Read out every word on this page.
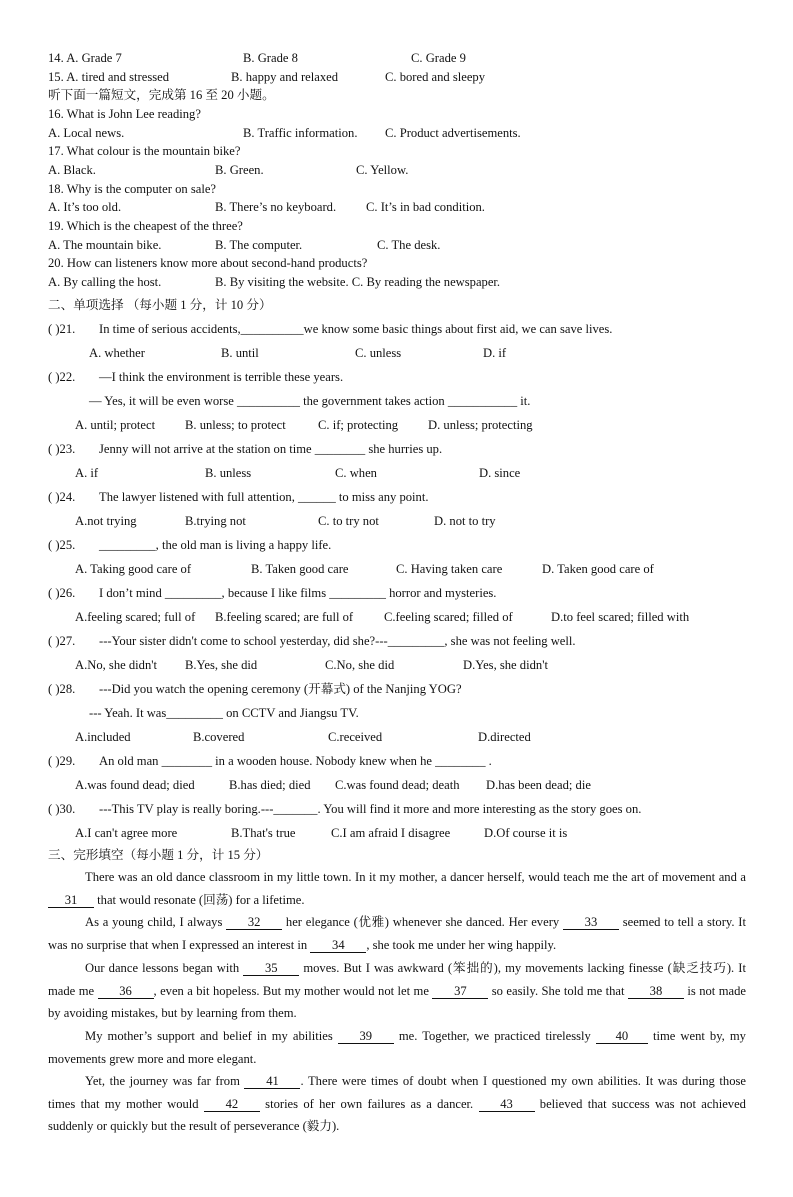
14. A. Grade 7	B. Grade 8	C. Grade 9
15. A. tired and stressed	B. happy and relaxed	C. bored and sleepy
听下面一篇短文，完成第 16 至 20 小题。
16. What is John Lee reading?
A. Local news.	B. Traffic information. C. Product advertisements.
17. What colour is the mountain bike?
A. Black.	B. Green.	C. Yellow.
18. Why is the computer on sale?
A. It’s too old.	B. There’s no keyboard. C. It’s in bad condition.
19. Which is the cheapest of the three?
A. The mountain bike.	B. The computer.	C. The desk.
20. How can listeners know more about second-hand products?
A. By calling the host.	B. By visiting the website. C. By reading the newspaper.
二、单项选择 （每小题 1 分，计 10 分）
( )21. In time of serious accidents,__________we know some basic things about first aid, we can save lives.
A. whether	B. until	C. unless	D. if
( )22. —I think the environment is terrible these years.
— Yes, it will be even worse __________ the government takes action ___________ it.
A. until; protect B. unless; to protect	C. if; protecting D. unless; protecting
( )23. Jenny will not arrive at the station on time ________ she hurries up.
A. if	B. unless	C. when	D. since
( )24. The lawyer listened with full attention, ______ to miss any point.
A.not trying	B.trying not	C. to try not	D. not to try
( )25. _________, the old man is living a happy life.
A. Taking good care of	B. Taken good care	C. Having taken care	D. Taken good care of
( )26. I don’t mind _________, because I like films _________ horror and mysteries.
A.feeling scared; full of B.feeling scared; are full of C.feeling scared; filled of	D.to feel scared; filled with
( )27. ---Your sister didn't come to school yesterday, did she?---_________, she was not feeling well.
A.No, she didn't B.Yes, she did	C.No, she did	D.Yes, she didn't
( )28. ---Did you watch the opening ceremony (开幕式) of the Nanjing YOG?
--- Yeah. It was_________ on CCTV and Jiangsu TV.
A.included	B.covered	C.received	D.directed
( )29. An old man ________ in a wooden house. Nobody knew when he ________ .
A.was found dead; died	B.has died; died C.was found dead; death D.has been dead; die
( )30. ---This TV play is really boring.---_______. You will find it more and more interesting as the story goes on.
A.I can't agree more	B.That's true	C.I am afraid I disagree	D.Of course it is
三、完形填空（每小题 1 分，计 15 分）
There was an old dance classroom in my little town. In it my mother, a dancer herself, would teach me the art of movement and a 31 that would resonate (回荡) for a lifetime.
As a young child, I always 32 her elegance (优雅) whenever she danced. Her every 33 seemed to tell a story. It was no surprise that when I expressed an interest in 34 , she took me under her wing happily.
Our dance lessons began with 35 moves. But I was awkward (笨拙的), my movements lacking finesse (缺乏技巧). It made me 36 , even a bit hopeless. But my mother would not let me 37 so easily. She told me that 38 is not made by avoiding mistakes, but by learning from them.
My mother’s support and belief in my abilities 39 me. Together, we practiced tirelessly 40 time went by, my movements grew more and more elegant.
Yet, the journey was far from 41 . There were times of doubt when I questioned my own abilities. It was during those times that my mother would 42 stories of her own failures as a dancer. 43 believed that success was not achieved suddenly or quickly but the result of perseverance (毅力).
